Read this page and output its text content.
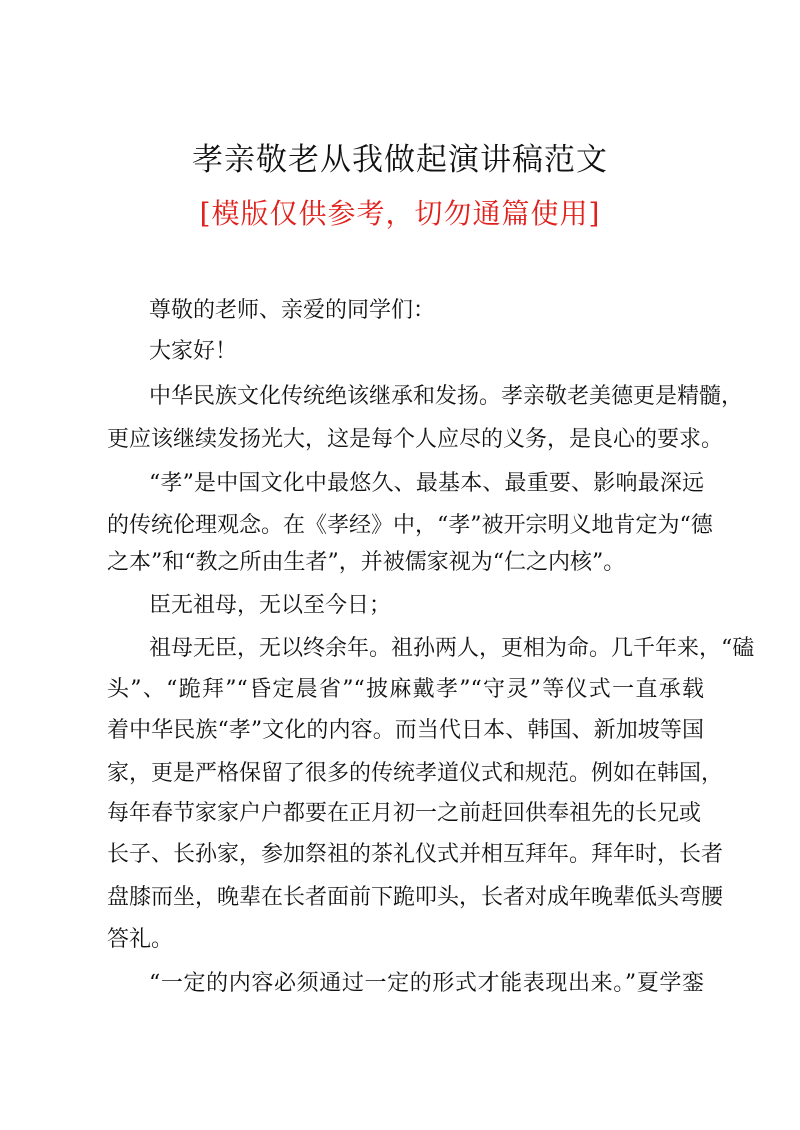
孝亲敬老从我做起演讲稿范文
[模版仅供参考，切勿通篇使用]
尊敬的老师、亲爱的同学们：
大家好！
中华民族文化传统绝该继承和发扬。孝亲敬老美德更是精髓，
更应该继续发扬光大，这是每个人应尽的义务，是良心的要求。
“孝”是中国文化中最悠久、最基本、最重要、影响最深远
的传统伦理观念。在《孝经》中，“孝”被开宗明义地肯定为“德
之本”和“教之所由生者”，并被儒家视为“仁之内核”。
臣无祖母，无以至今日；
祖母无臣，无以终余年。祖孙两人，更相为命。几千年来，“磕
头”、“跪拜”“昏定晨省”“披麻戴孝”“守灵”等仪式一直承载
着中华民族“孝”文化的内容。而当代日本、韩国、新加坡等国
家，更是严格保留了很多的传统孝道仪式和规范。例如在韩国，
每年春节家家户户都要在正月初一之前赶回供奉祖先的长兄或
长子、长孙家，参加祭祖的茶礼仪式并相互拜年。拜年时，长者
盘膝而坐，晚辈在长者面前下跪叩头，长者对成年晚辈低头弯腰
答礼。
“一定的内容必须通过一定的形式才能表现出来。”夏学銮
